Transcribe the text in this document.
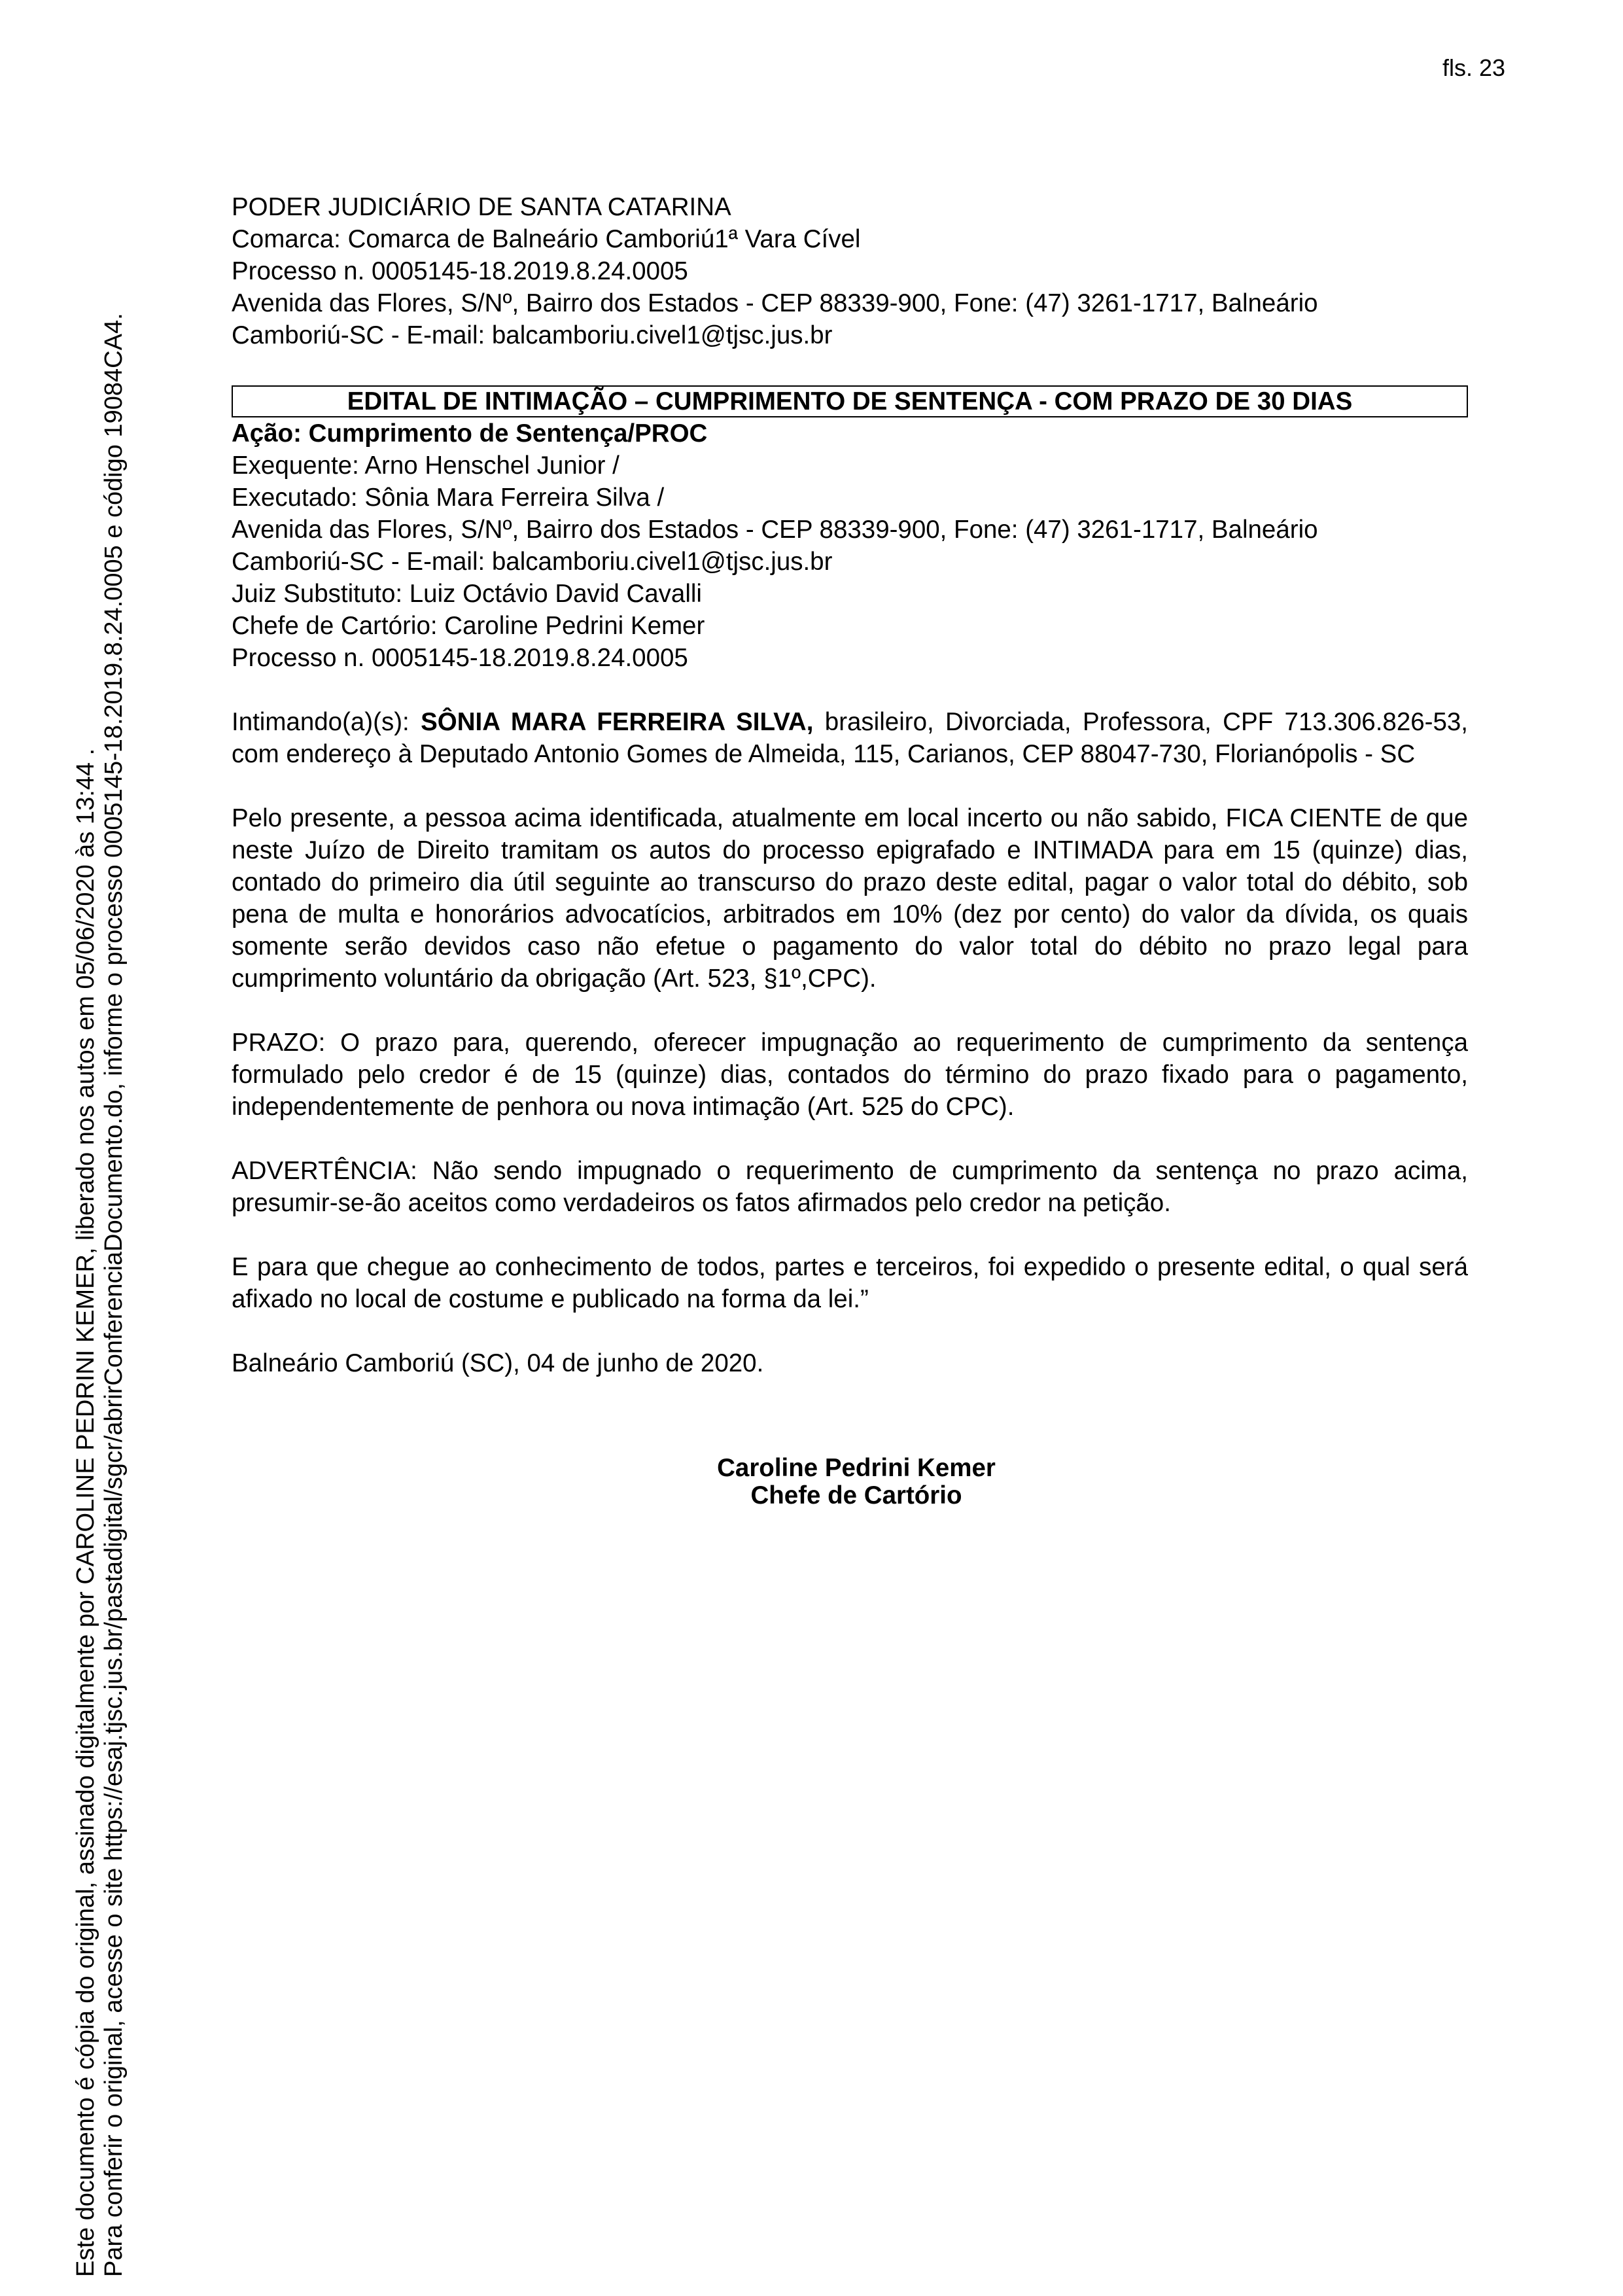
fls. 23
PODER JUDICIÁRIO DE SANTA CATARINA
Comarca: Comarca de Balneário Camboriú1ª Vara Cível
Processo n. 0005145-18.2019.8.24.0005
Avenida das Flores, S/Nº, Bairro dos Estados - CEP 88339-900, Fone: (47) 3261-1717, Balneário
Camboriú-SC - E-mail: balcamboriu.civel1@tjsc.jus.br
EDITAL DE INTIMAÇÃO – CUMPRIMENTO DE SENTENÇA - COM PRAZO DE 30 DIAS
Ação: Cumprimento de Sentença/PROC
Exequente: Arno Henschel Junior /
Executado: Sônia Mara Ferreira Silva /
Avenida das Flores, S/Nº, Bairro dos Estados - CEP 88339-900, Fone: (47) 3261-1717, Balneário
Camboriú-SC - E-mail: balcamboriu.civel1@tjsc.jus.br
Juiz Substituto: Luiz Octávio David Cavalli
Chefe de Cartório: Caroline Pedrini Kemer
Processo n. 0005145-18.2019.8.24.0005

Intimando(a)(s): SÔNIA MARA FERREIRA SILVA, brasileiro, Divorciada, Professora, CPF 713.306.826-53, com endereço à Deputado Antonio Gomes de Almeida, 115, Carianos, CEP 88047-730, Florianópolis - SC

Pelo presente, a pessoa acima identificada, atualmente em local incerto ou não sabido, FICA CIENTE de que neste Juízo de Direito tramitam os autos do processo epigrafado e INTIMADA para em 15 (quinze) dias, contado do primeiro dia útil seguinte ao transcurso do prazo deste edital, pagar o valor total do débito, sob pena de multa e honorários advocatícios, arbitrados em 10% (dez por cento) do valor da dívida, os quais somente serão devidos caso não efetue o pagamento do valor total do débito no prazo legal para cumprimento voluntário da obrigação (Art. 523, §1º,CPC).

PRAZO: O prazo para, querendo, oferecer impugnação ao requerimento de cumprimento da sentença formulado pelo credor é de 15 (quinze) dias, contados do término do prazo fixado para o pagamento, independentemente de penhora ou nova intimação (Art. 525 do CPC).

ADVERTÊNCIA: Não sendo impugnado o requerimento de cumprimento da sentença no prazo acima, presumir-se-ão aceitos como verdadeiros os fatos afirmados pelo credor na petição.

E para que chegue ao conhecimento de todos, partes e terceiros, foi expedido o presente edital, o qual será afixado no local de costume e publicado na forma da lei.”

Balneário Camboriú (SC), 04 de junho de 2020.

Caroline Pedrini Kemer
Chefe de Cartório
Este documento é cópia do original, assinado digitalmente por CAROLINE PEDRINI KEMER, liberado nos autos em 05/06/2020 às 13:44 . Para conferir o original, acesse o site https://esaj.tjsc.jus.br/pastadigital/sgcr/abrirConferenciaDocumento.do, informe o processo 0005145-18.2019.8.24.0005 e código 19084CA4.
